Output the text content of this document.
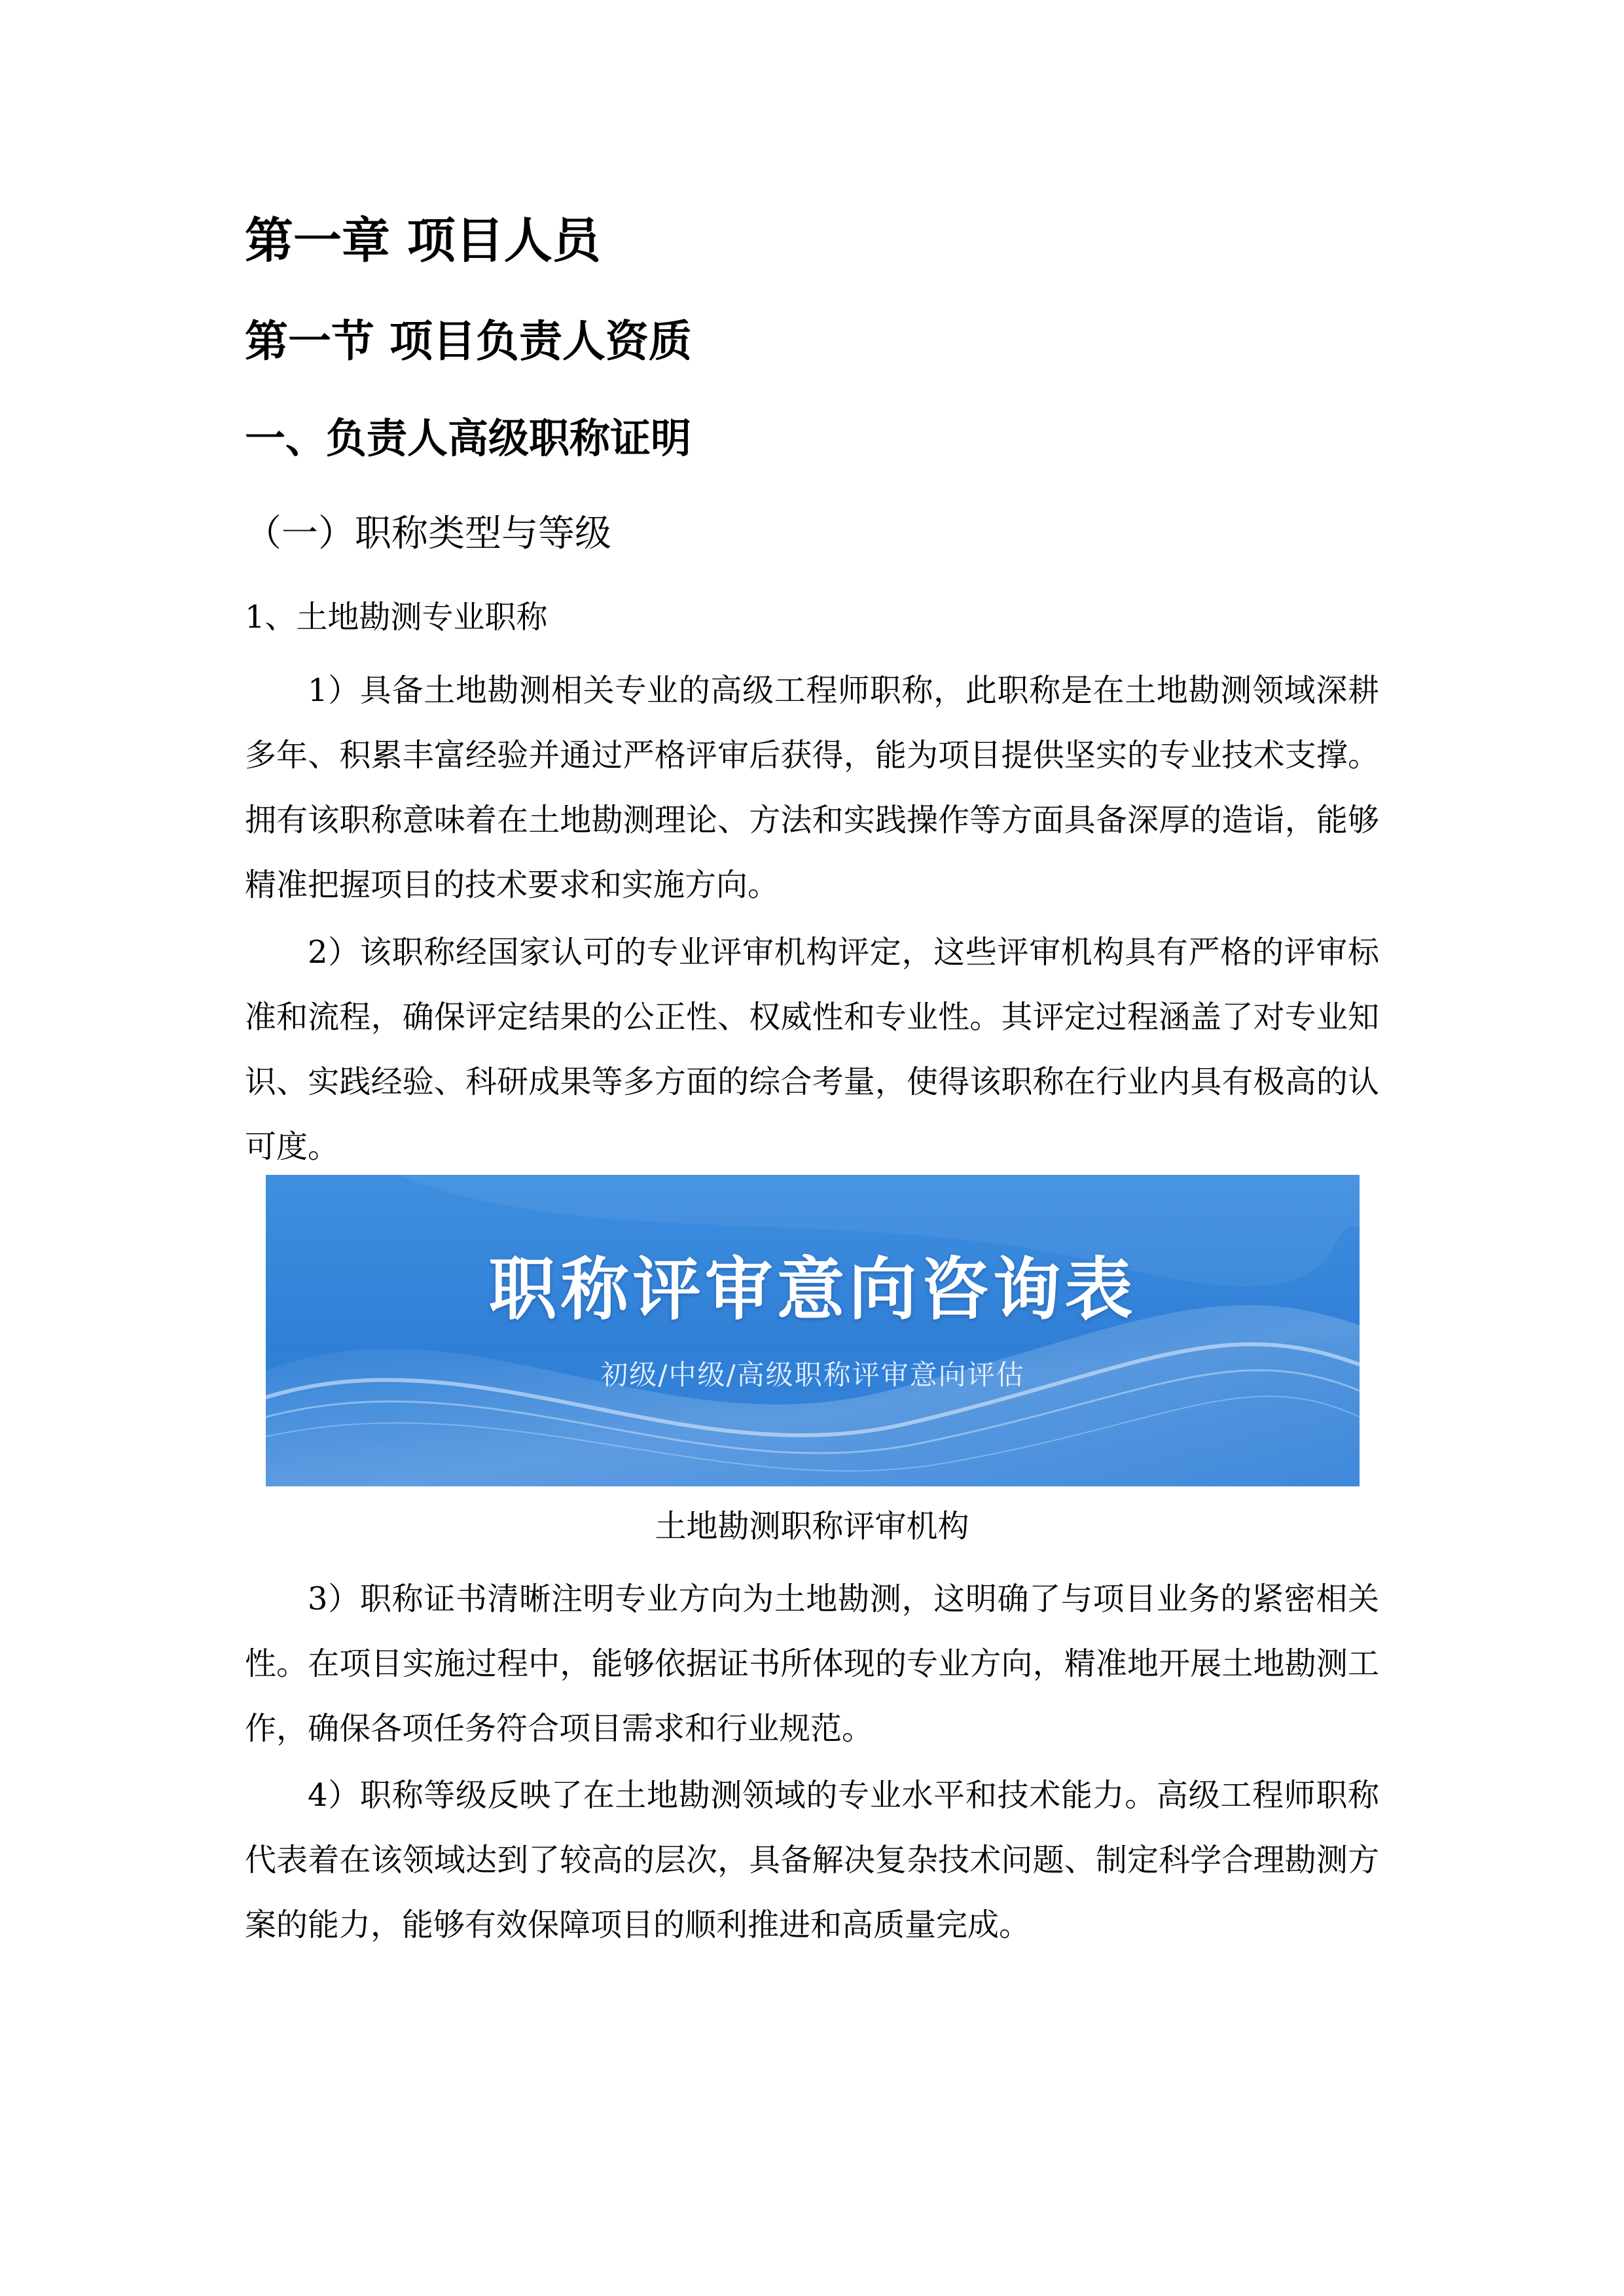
第一章 项目人员
第一节 项目负责人资质
一、负责人高级职称证明
（一）职称类型与等级
1、土地勘测专业职称

1）具备土地勘测相关专业的高级工程师职称，此职称是在土地勘测领域深耕多年、积累丰富经验并通过严格评审后获得，能为项目提供坚实的专业技术支撑。拥有该职称意味着在土地勘测理论、方法和实践操作等方面具备深厚的造诣，能够精准把握项目的技术要求和实施方向。

2）该职称经国家认可的专业评审机构评定，这些评审机构具有严格的评审标准和流程，确保评定结果的公正性、权威性和专业性。其评定过程涵盖了对专业知识、实践经验、科研成果等多方面的综合考量，使得该职称在行业内具有极高的认可度。

职称评审意向咨询表
初级/中级/高级职称评审意向评估
土地勘测职称评审机构

3）职称证书清晰注明专业方向为土地勘测，这明确了与项目业务的紧密相关性。在项目实施过程中，能够依据证书所体现的专业方向，精准地开展土地勘测工作，确保各项任务符合项目需求和行业规范。

4）职称等级反映了在土地勘测领域的专业水平和技术能力。高级工程师职称代表着在该领域达到了较高的层次，具备解决复杂技术问题、制定科学合理勘测方案的能力，能够有效保障项目的顺利推进和高质量完成。
